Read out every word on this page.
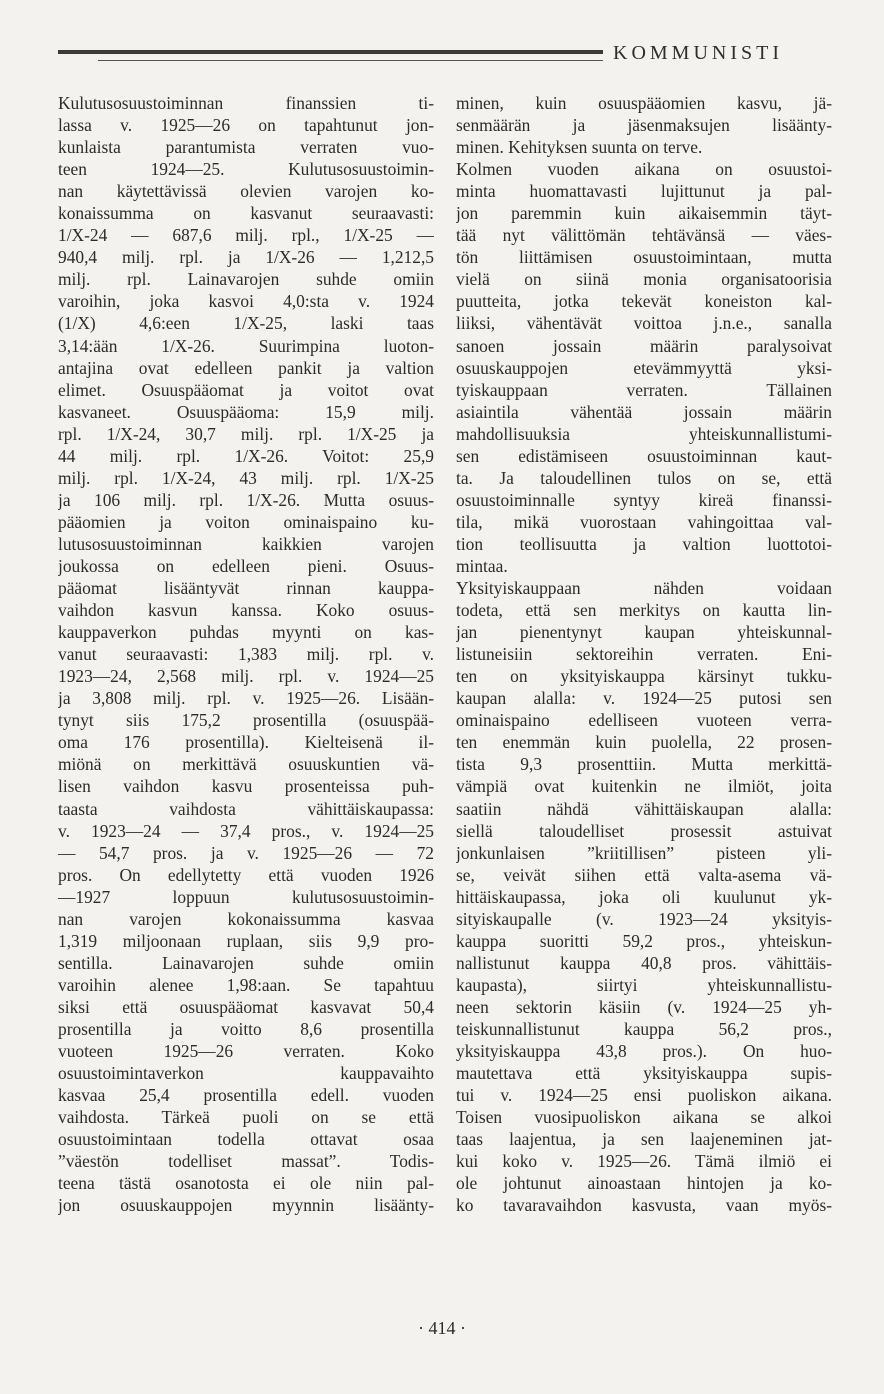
KOMMUNISTI
Kulutusosuustoiminnan finanssien ti-
lassa v. 1925—26 on tapahtunut jon-
kunlaista parantumista verraten vuo-
teen 1924—25. Kulutusosuustoimin-
nan käytettävissä olevien varojen ko-
konaissumma on kasvanut seuraavasti:
1/X-24 — 687,6 milj. rpl., 1/X-25 —
940,4 milj. rpl. ja 1/X-26 — 1,212,5
milj. rpl. Lainavarojen suhde omiin
varoihin, joka kasvoi 4,0:sta v. 1924
(1/X) 4,6:een 1/X-25, laski taas
3,14:ään 1/X-26. Suurimpina luoton-
antajina ovat edelleen pankit ja valtion
elimet. Osuuspääomat ja voitot ovat
kasvaneet. Osuuspääoma: 15,9 milj.
rpl. 1/X-24, 30,7 milj. rpl. 1/X-25 ja
44 milj. rpl. 1/X-26. Voitot: 25,9
milj. rpl. 1/X-24, 43 milj. rpl. 1/X-25
ja 106 milj. rpl. 1/X-26. Mutta osuus-
pääomien ja voiton ominaispaino ku-
lutusosuustoiminnan kaikkien varojen
joukossa on edelleen pieni. Osuus-
pääomat lisääntyvät rinnan kauppa-
vaihdon kasvun kanssa. Koko osuus-
kauppaverkon puhdas myynti on kas-
vanut seuraavasti: 1,383 milj. rpl. v.
1923—24, 2,568 milj. rpl. v. 1924—25
ja 3,808 milj. rpl. v. 1925—26. Lisään-
tynyt siis 175,2 prosentilla (osuuspää-
oma 176 prosentilla). Kielteisenä il-
miönä on merkittävä osuuskuntien vä-
lisen vaihdon kasvu prosenteissa puh-
taasta vaihdosta vähittäiskaupassa:
v. 1923—24 — 37,4 pros., v. 1924—25
— 54,7 pros. ja v. 1925—26 — 72
pros. On edellytetty että vuoden 1926
—1927 loppuun kulutusosuustoimin-
nan varojen kokonaissumma kasvaa
1,319 miljoonaan ruplaan, siis 9,9 pro-
sentilla. Lainavarojen suhde omiin
varoihin alenee 1,98:aan. Se tapahtuu
siksi että osuuspääomat kasvavat 50,4
prosentilla ja voitto 8,6 prosentilla
vuoteen 1925—26 verraten. Koko
osuustoimintaverkon kauppavaihto
kasvaa 25,4 prosentilla edell. vuoden
vaihdosta. Tärkeä puoli on se että
osuustoimintaan todella ottavat osaa
”väestön todelliset massat”. Todis-
teena tästä osanotosta ei ole niin pal-
jon osuuskauppojen myynnin lisäänty-
minen, kuin osuuspääomien kasvu, jä-
senmäärän ja jäsenmaksujen lisäänty-
minen. Kehityksen suunta on terve.
Kolmen vuoden aikana on osuustoi-
minta huomattavasti lujittunut ja pal-
jon paremmin kuin aikaisemmin täyt-
tää nyt välittömän tehtävänsä — väes-
tön liittämisen osuustoimintaan, mutta
vielä on siinä monia organisatoorisia
puutteita, jotka tekevät koneiston kal-
liiksi, vähentävät voittoa j.n.e., sanalla
sanoen jossain määrin paralysoivat
osuuskauppojen etevämmyyttä yksi-
tyiskauppaan verraten. Tällainen
asiaintila vähentää jossain määrin
mahdollisuuksia yhteiskunnallistumi-
sen edistämiseen osuustoiminnan kaut-
ta. Ja taloudellinen tulos on se, että
osuustoiminnalle syntyy kireä finanssi-
tila, mikä vuorostaan vahingoittaa val-
tion teollisuutta ja valtion luottotoi-
mintaa.
Yksityiskauppaan nähden voidaan
todeta, että sen merkitys on kautta lin-
jan pienentynyt kaupan yhteiskunnal-
listuneisiin sektoreihin verraten. Eni-
ten on yksityiskauppa kärsinyt tukku-
kaupan alalla: v. 1924—25 putosi sen
ominaispaino edelliseen vuoteen verra-
ten enemmän kuin puolella, 22 prosen-
tista 9,3 prosenttiin. Mutta merkittä-
vämpiä ovat kuitenkin ne ilmiöt, joita
saatiin nähdä vähittäiskaupan alalla:
siellä taloudelliset prosessit astuivat
jonkunlaisen ”kriitillisen” pisteen yli-
se, veivät siihen että valta-asema vä-
hittäiskaupassa, joka oli kuulunut yk-
sityiskaupalle (v. 1923—24 yksityis-
kauppa suoritti 59,2 pros., yhteiskun-
nallistunut kauppa 40,8 pros. vähittäis-
kaupasta), siirtyi yhteiskunnallistu-
neen sektorin käsiin (v. 1924—25 yh-
teiskunnallistunut kauppa 56,2 pros.,
yksityiskauppa 43,8 pros.). On huo-
mautettava että yksityiskauppa supis-
tui v. 1924—25 ensi puoliskon aikana.
Toisen vuosipuoliskon aikana se alkoi
taas laajentua, ja sen laajeneminen jat-
kui koko v. 1925—26. Tämä ilmiö ei
ole johtunut ainoastaan hintojen ja ko-
ko tavaravaihdon kasvusta, vaan myös-
· 414 ·
